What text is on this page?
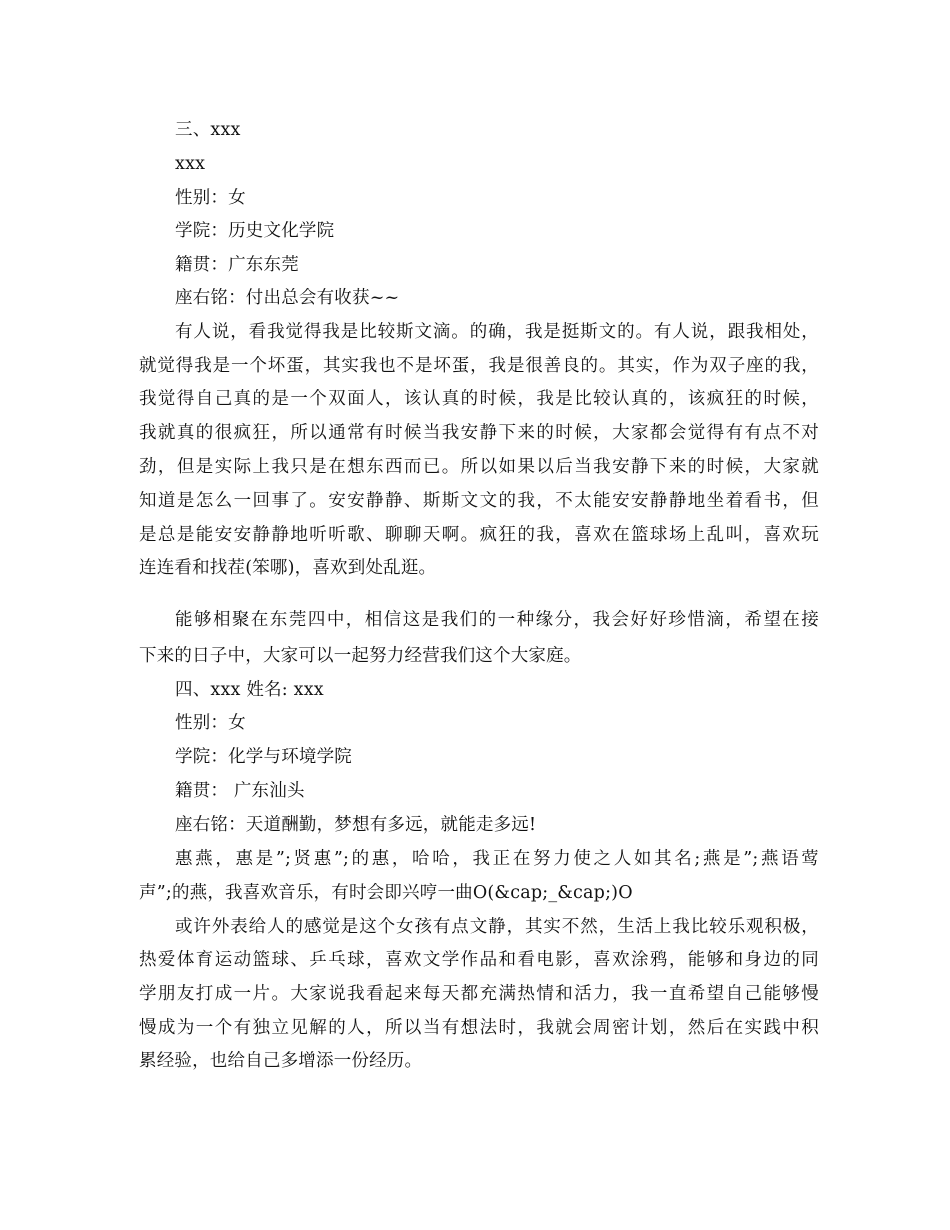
三、xxx
xxx
性别：女
学院：历史文化学院
籍贯：广东东莞
座右铭：付出总会有收获~~
有人说，看我觉得我是比较斯文滴。的确，我是挺斯文的。有人说，跟我相处，
就觉得我是一个坏蛋，其实我也不是坏蛋，我是很善良的。其实，作为双子座的我，
我觉得自己真的是一个双面人，该认真的时候，我是比较认真的，该疯狂的时候，
我就真的很疯狂，所以通常有时候当我安静下来的时候，大家都会觉得有有点不对
劲，但是实际上我只是在想东西而已。所以如果以后当我安静下来的时候，大家就
知道是怎么一回事了。安安静静、斯斯文文的我，不太能安安静静地坐着看书，但
是总是能安安静静地听听歌、聊聊天啊。疯狂的我，喜欢在篮球场上乱叫，喜欢玩
连连看和找茬(笨哪)，喜欢到处乱逛。
能够相聚在东莞四中，相信这是我们的一种缘分，我会好好珍惜滴，希望在接
下来的日子中，大家可以一起努力经营我们这个大家庭。
四、xxx 姓名: xxx
性别：女
学院：化学与环境学院
籍贯： 广东汕头
座右铭：天道酬勤，梦想有多远，就能走多远!
惠燕，惠是”;贤惠”;的惠，哈哈，我正在努力使之人如其名;燕是”;燕语莺
声”;的燕，我喜欢音乐，有时会即兴哼一曲O(&cap;_&cap;)O
或许外表给人的感觉是这个女孩有点文静，其实不然，生活上我比较乐观积极，
热爱体育运动篮球、乒乓球，喜欢文学作品和看电影，喜欢涂鸦，能够和身边的同
学朋友打成一片。大家说我看起来每天都充满热情和活力，我一直希望自己能够慢
慢成为一个有独立见解的人，所以当有想法时，我就会周密计划，然后在实践中积
累经验，也给自己多增添一份经历。
